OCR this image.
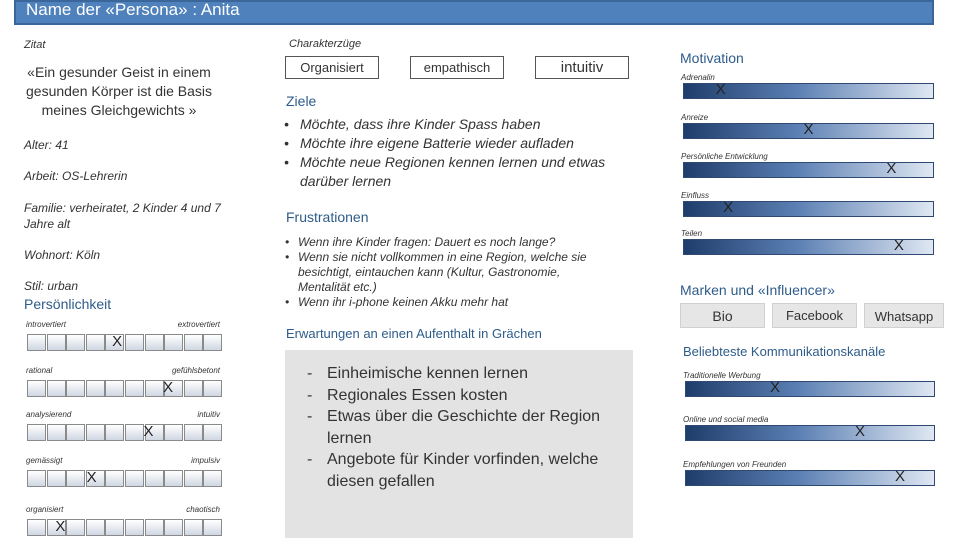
Name der «Persona» : Anita
Zitat
«Ein gesunder Geist in einem gesunden Körper ist die Basis meines Gleichgewichts »
Alter: 41
Arbeit: OS-Lehrerin
Familie: verheiratet, 2 Kinder 4 und 7 Jahre alt
Wohnort: Köln
Stil: urban
Persönlichkeit
introvertiert	extrovertiert
X
rational	gefühlsbetont
X
analysierend	intuitiv
X
gemässigt	impulsiv
X
organisiert	chaotisch
X
Charakterzüge
Organisiert	empathisch	intuitiv
Ziele
• Möchte, dass ihre Kinder Spass haben
• Möchte ihre eigene Batterie wieder aufladen
• Möchte neue Regionen kennen lernen und etwas darüber lernen
Frustrationen
• Wenn ihre Kinder fragen: Dauert es noch lange?
• Wenn sie nicht vollkommen in eine Region, welche sie besichtigt, eintauchen kann (Kultur, Gastronomie, Mentalität etc.)
• Wenn ihr i-phone keinen Akku mehr hat
Erwartungen an einen Aufenthalt in Grächen
- Einheimische kennen lernen
- Regionales Essen kosten
- Etwas über die Geschichte der Region lernen
- Angebote für Kinder vorfinden, welche diesen gefallen
Motivation
Adrenalin
X
Anreize
X
Persönliche Entwicklung
X
Einfluss
X
Teilen
X
Marken und «Influencer»
Bio	Facebook	Whatsapp
Beliebteste Kommunikationskanäle
Traditionelle Werbung
X
Online und social media
X
Empfehlungen von Freunden
X
